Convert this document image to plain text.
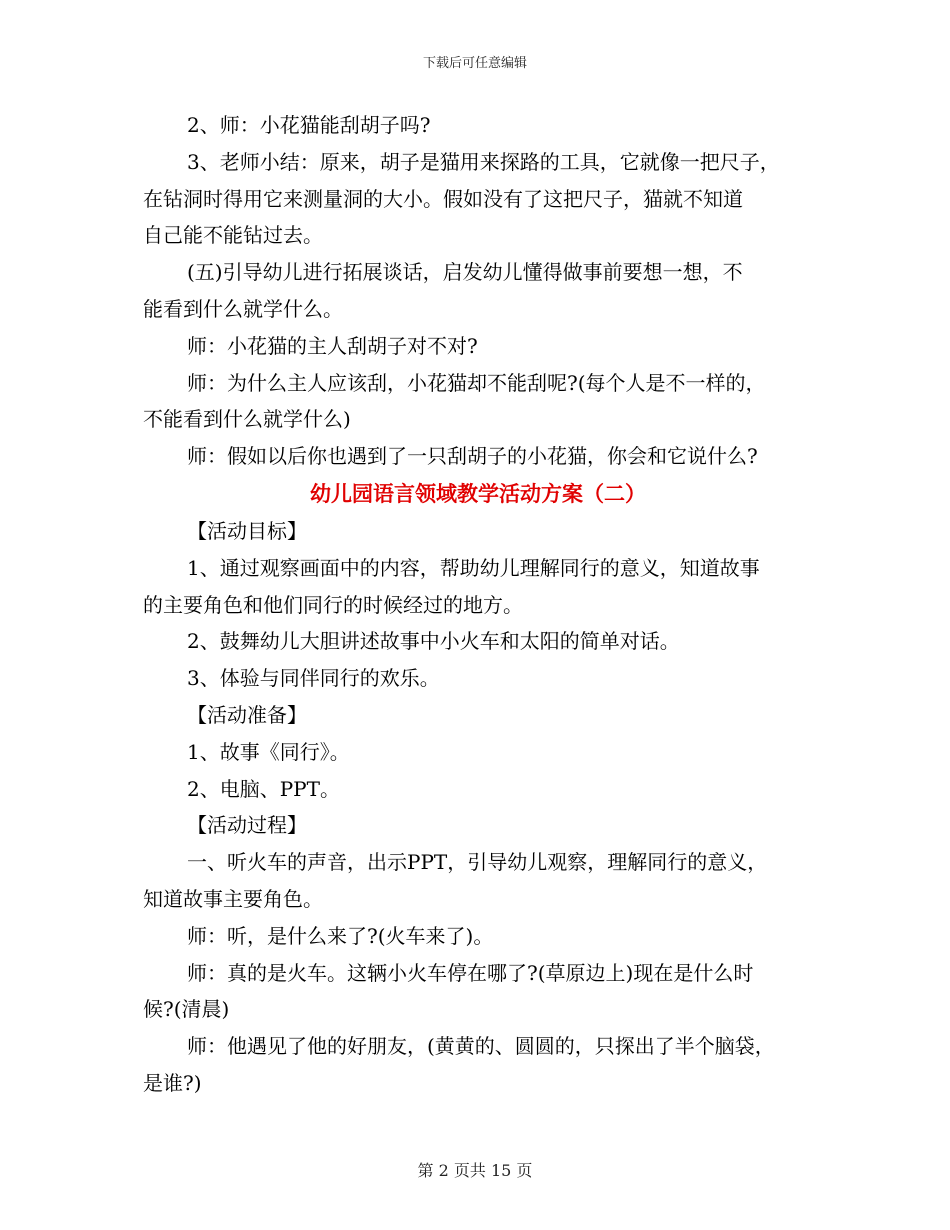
下载后可任意编辑

2、师：小花猫能刮胡子吗?

3、老师小结：原来，胡子是猫用来探路的工具，它就像一把尺子，

在钻洞时得用它来测量洞的大小。假如没有了这把尺子，猫就不知道

自己能不能钻过去。

(五)引导幼儿进行拓展谈话，启发幼儿懂得做事前要想一想，不

能看到什么就学什么。

师：小花猫的主人刮胡子对不对?

师：为什么主人应该刮，小花猫却不能刮呢?(每个人是不一样的，

不能看到什么就学什么)

师：假如以后你也遇到了一只刮胡子的小花猫，你会和它说什么?

幼儿园语言领域教学活动方案（二）

【活动目标】

1、通过观察画面中的内容，帮助幼儿理解同行的意义，知道故事

的主要角色和他们同行的时候经过的地方。

2、鼓舞幼儿大胆讲述故事中小火车和太阳的简单对话。

3、体验与同伴同行的欢乐。

【活动准备】

1、故事《同行》。

2、电脑、PPT。

【活动过程】

一、听火车的声音，出示PPT，引导幼儿观察，理解同行的意义，

知道故事主要角色。

师：听，是什么来了?(火车来了)。

师：真的是火车。这辆小火车停在哪了?(草原边上)现在是什么时

候?(清晨)

师：他遇见了他的好朋友，(黄黄的、圆圆的，只探出了半个脑袋，

是谁?)

第 2 页共 15 页
